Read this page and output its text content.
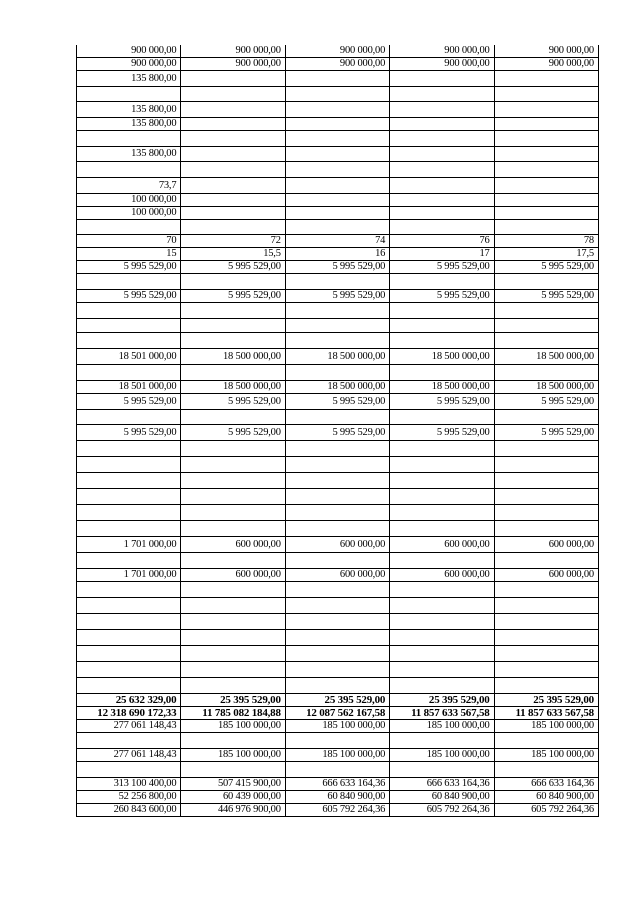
900 000,00	900 000,00	900 000,00	900 000,00	900 000,00
900 000,00	900 000,00	900 000,00	900 000,00	900 000,00
135 800,00				

135 800,00				
135 800,00				

135 800,00				

73,7				
100 000,00				
100 000,00				

70	72	74	76	78
15	15,5	16	17	17,5
5 995 529,00	5 995 529,00	5 995 529,00	5 995 529,00	5 995 529,00

5 995 529,00	5 995 529,00	5 995 529,00	5 995 529,00	5 995 529,00

18 501 000,00	18 500 000,00	18 500 000,00	18 500 000,00	18 500 000,00

18 501 000,00	18 500 000,00	18 500 000,00	18 500 000,00	18 500 000,00
5 995 529,00	5 995 529,00	5 995 529,00	5 995 529,00	5 995 529,00

5 995 529,00	5 995 529,00	5 995 529,00	5 995 529,00	5 995 529,00

1 701 000,00	600 000,00	600 000,00	600 000,00	600 000,00

1 701 000,00	600 000,00	600 000,00	600 000,00	600 000,00

25 632 329,00	25 395 529,00	25 395 529,00	25 395 529,00	25 395 529,00
12 318 690 172,33	11 785 082 184,88	12 087 562 167,58	11 857 633 567,58	11 857 633 567,58
277 061 148,43	185 100 000,00	185 100 000,00	185 100 000,00	185 100 000,00

277 061 148,43	185 100 000,00	185 100 000,00	185 100 000,00	185 100 000,00

313 100 400,00	507 415 900,00	666 633 164,36	666 633 164,36	666 633 164,36
52 256 800,00	60 439 000,00	60 840 900,00	60 840 900,00	60 840 900,00
260 843 600,00	446 976 900,00	605 792 264,36	605 792 264,36	605 792 264,36
